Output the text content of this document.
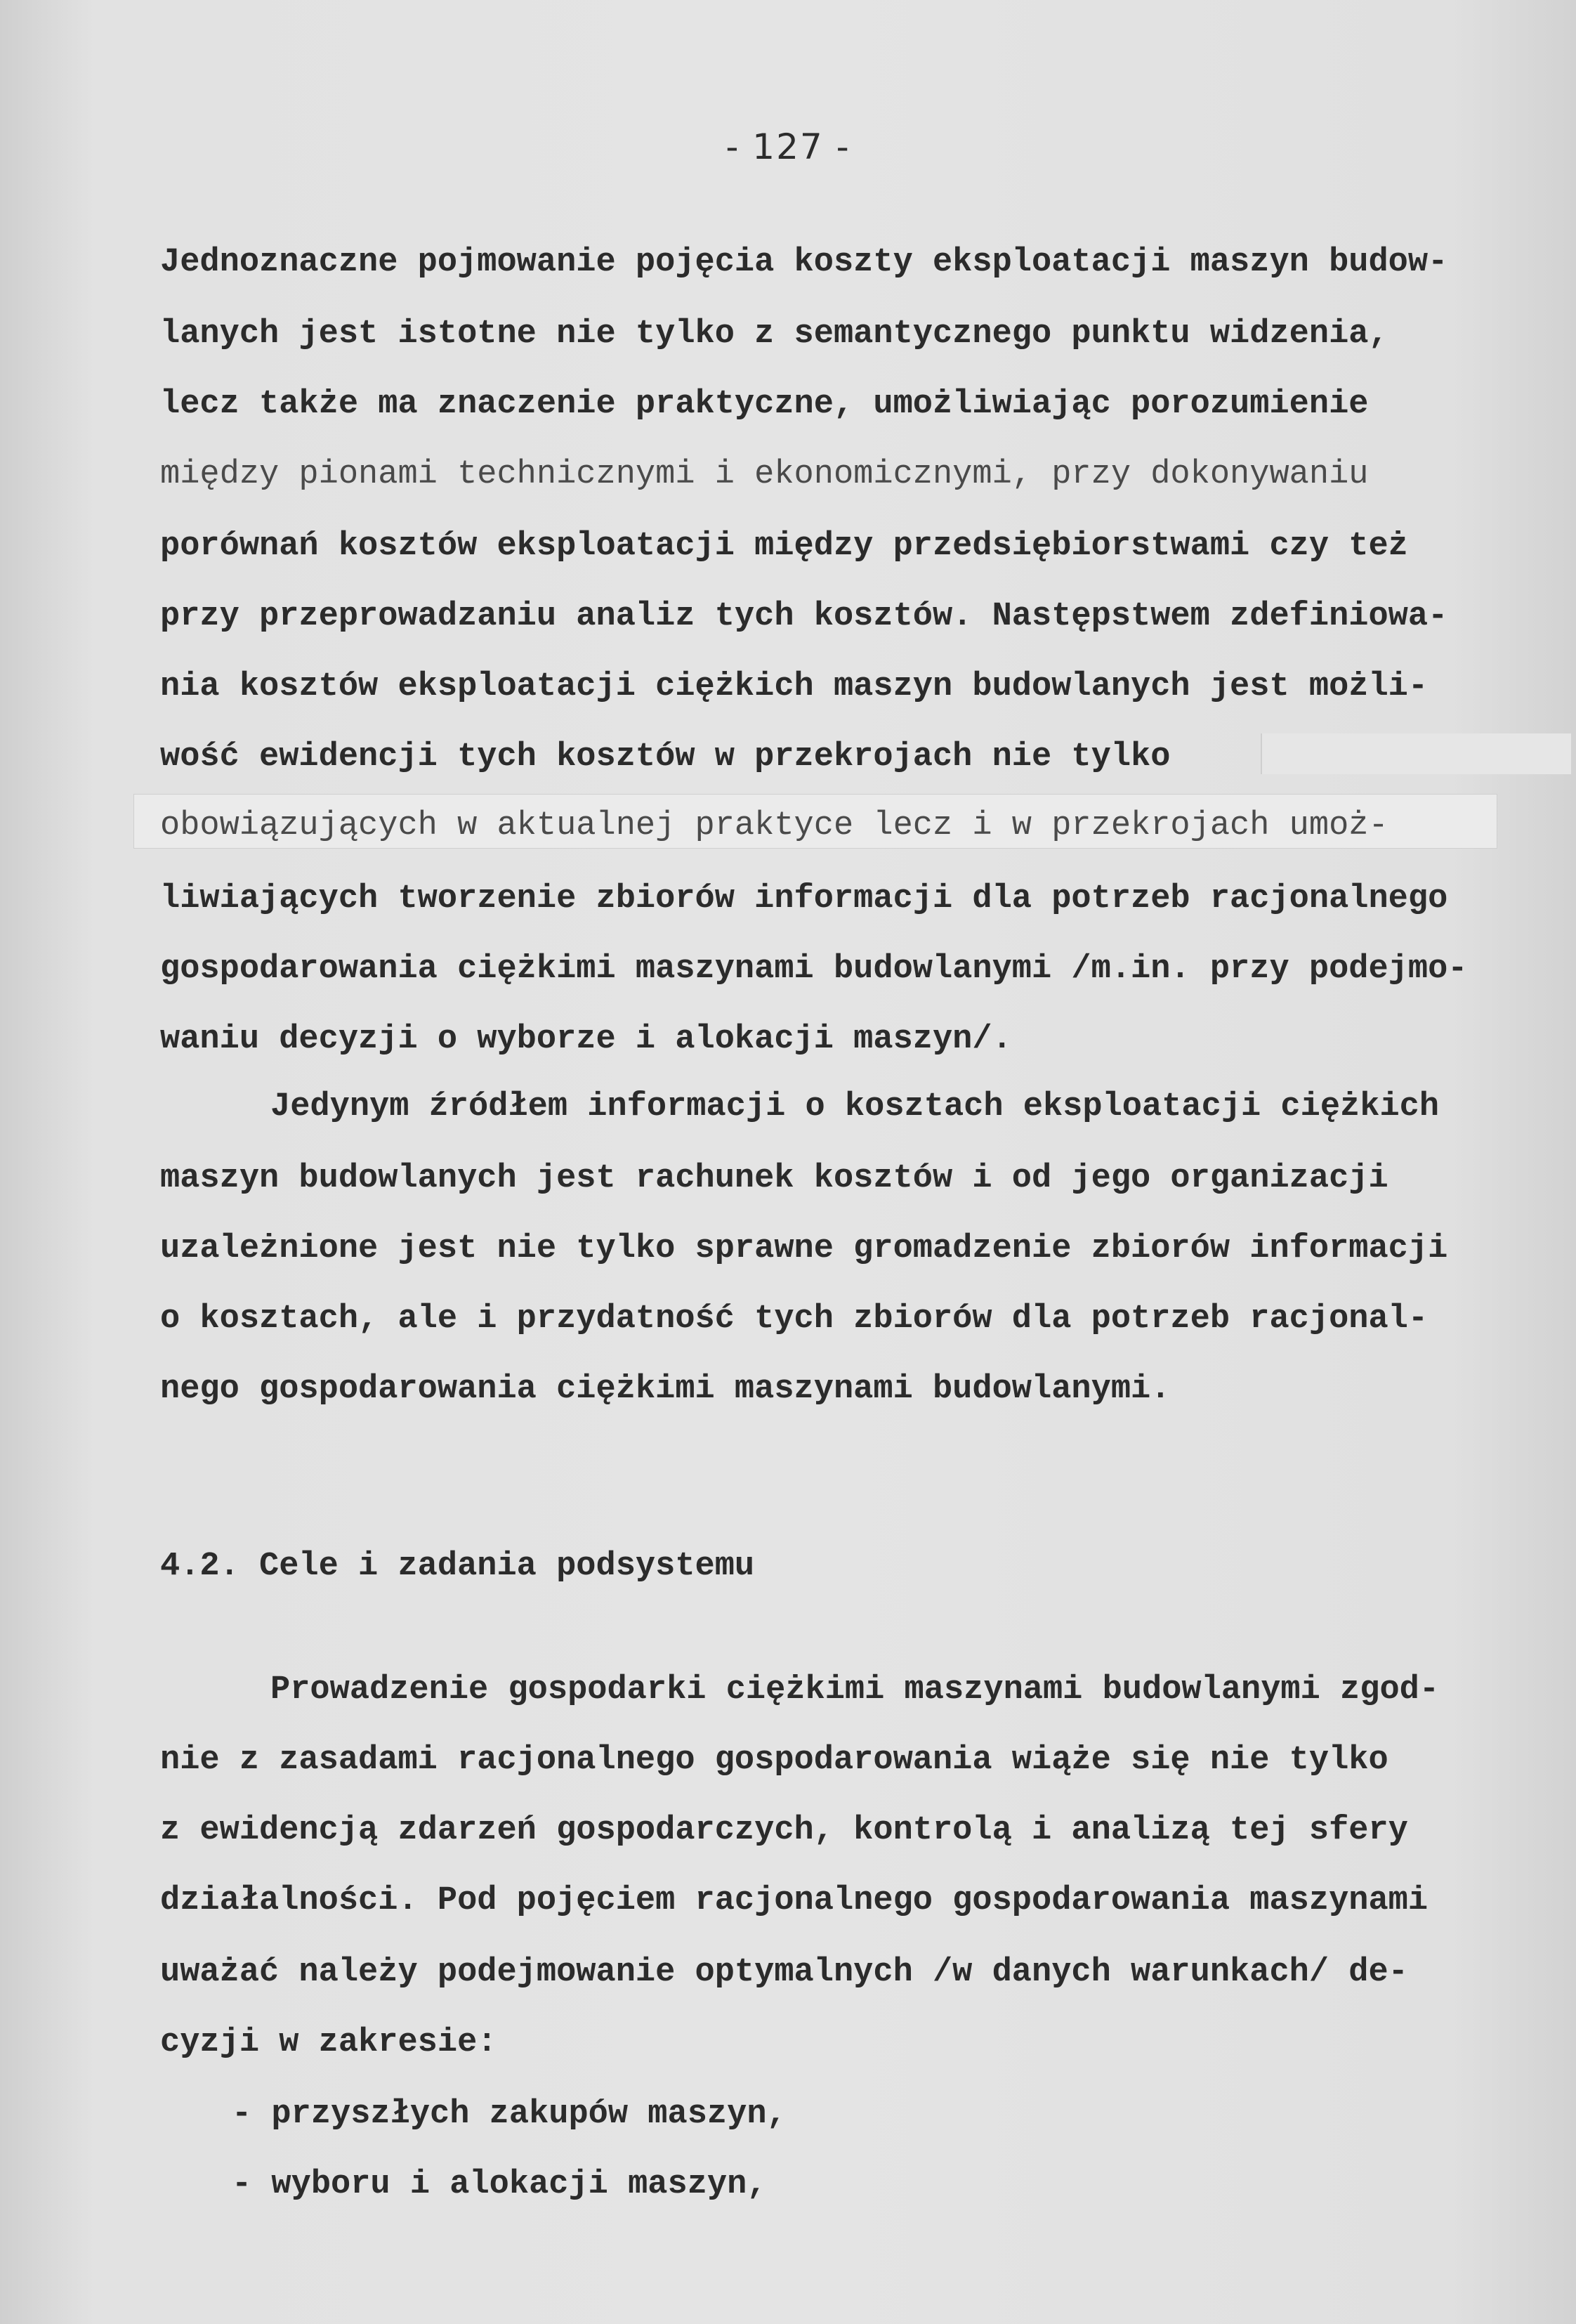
- 127 -
Jednoznaczne pojmowanie pojęcia koszty eksploatacji maszyn budow-
lanych jest istotne nie tylko z semantycznego punktu widzenia,
lecz także ma znaczenie praktyczne, umożliwiając porozumienie
między pionami technicznymi i ekonomicznymi, przy dokonywaniu
porównań kosztów eksploatacji między przedsiębiorstwami czy też
przy przeprowadzaniu analiz tych kosztów. Następstwem zdefiniowa-
nia kosztów eksploatacji ciężkich maszyn budowlanych jest możli-
wość ewidencji tych kosztów w przekrojach nie tylko
obowiązujących w aktualnej praktyce lecz i w przekrojach umoż-
liwiających tworzenie zbiorów informacji dla potrzeb racjonalnego
gospodarowania ciężkimi maszynami budowlanymi /m.in. przy podejmo-
waniu decyzji o wyborze i alokacji maszyn/.
Jedynym źródłem informacji o kosztach eksploatacji ciężkich
maszyn budowlanych jest rachunek kosztów i od jego organizacji
uzależnione jest nie tylko sprawne gromadzenie zbiorów informacji
o kosztach, ale i przydatność tych zbiorów dla potrzeb racjonal-
nego gospodarowania ciężkimi maszynami budowlanymi.
4.2. Cele i zadania podsystemu
Prowadzenie gospodarki ciężkimi maszynami budowlanymi zgod-
nie z zasadami racjonalnego gospodarowania wiąże się nie tylko
z ewidencją zdarzeń gospodarczych, kontrolą i analizą tej sfery
działalności. Pod pojęciem racjonalnego gospodarowania maszynami
uważać należy podejmowanie optymalnych /w danych warunkach/ de-
cyzji w zakresie:
- przyszłych zakupów maszyn,
- wyboru i alokacji maszyn,
